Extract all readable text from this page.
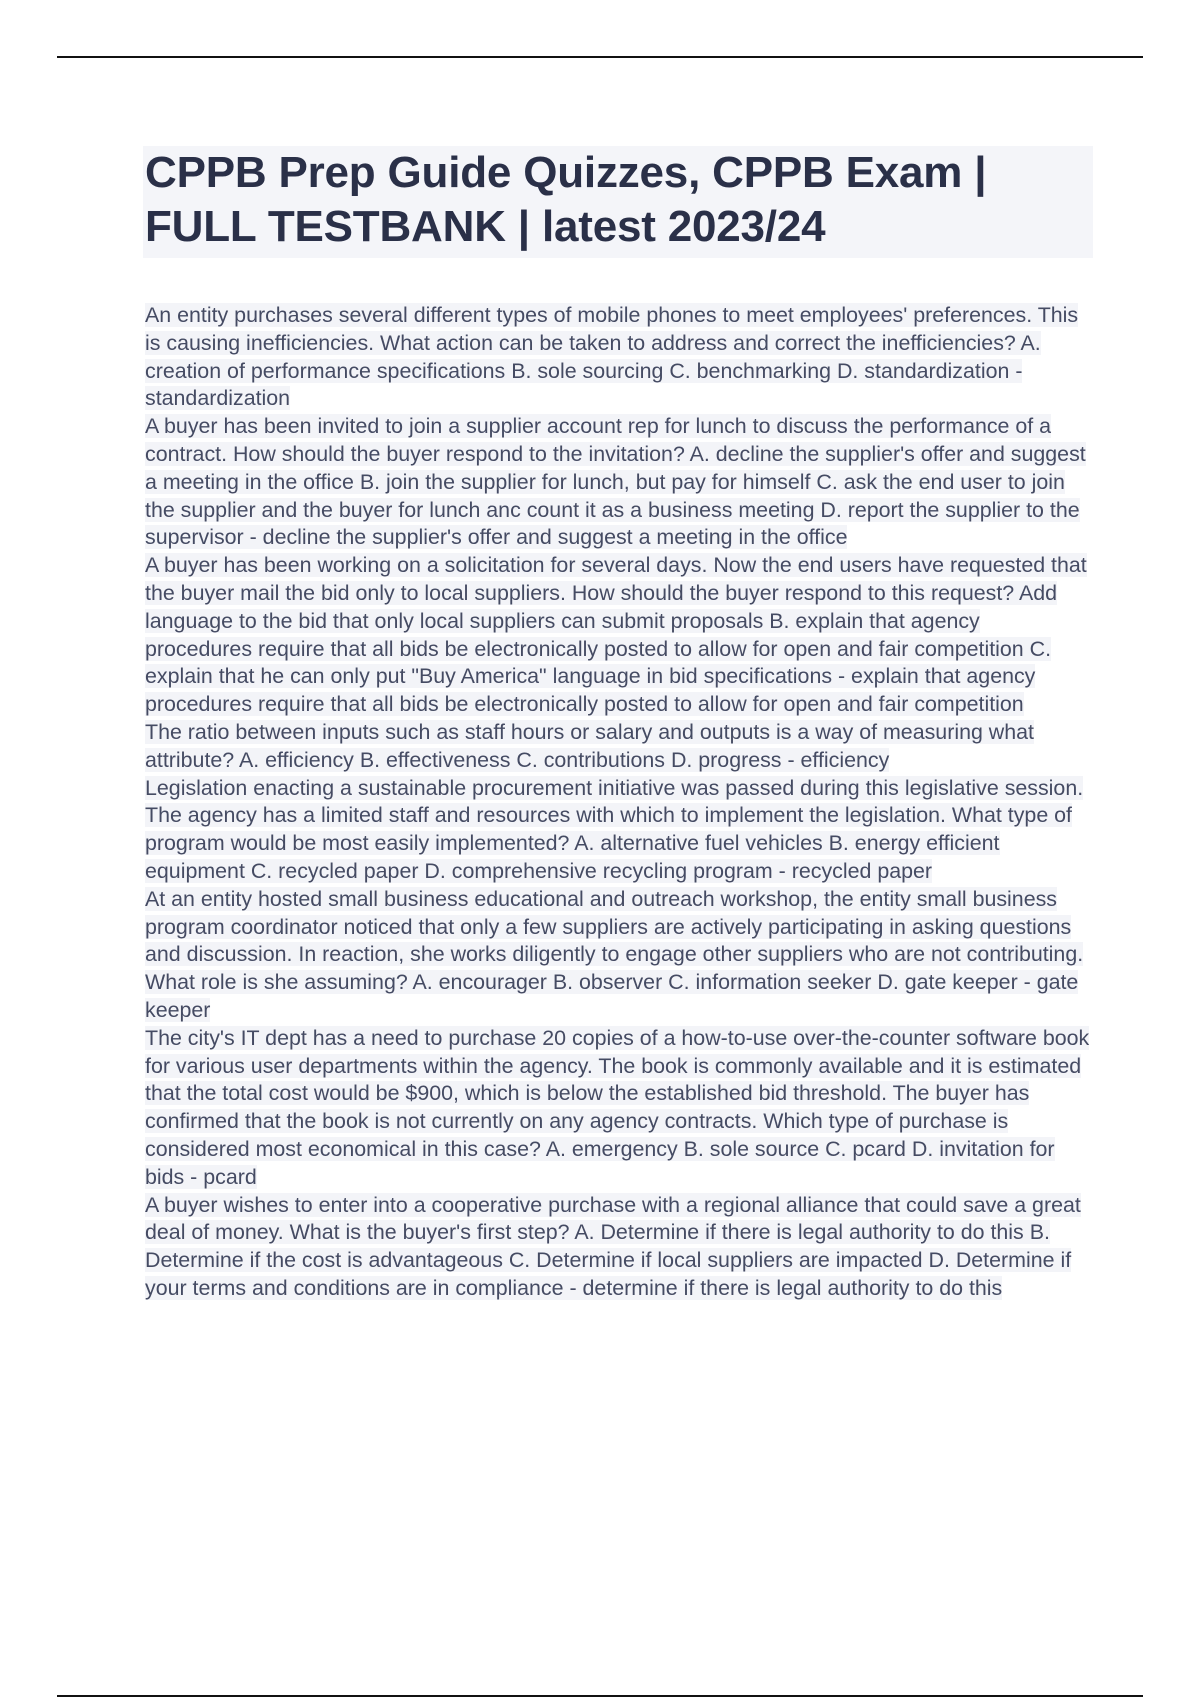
CPPB Prep Guide Quizzes, CPPB Exam |
FULL TESTBANK | latest 2023/24
An entity purchases several different types of mobile phones to meet employees' preferences. This is causing inefficiencies. What action can be taken to address and correct the inefficiencies? A. creation of performance specifications B. sole sourcing C. benchmarking D. standardization - standardization
A buyer has been invited to join a supplier account rep for lunch to discuss the performance of a contract. How should the buyer respond to the invitation? A. decline the supplier's offer and suggest a meeting in the office B. join the supplier for lunch, but pay for himself C. ask the end user to join the supplier and the buyer for lunch anc count it as a business meeting D. report the supplier to the supervisor - decline the supplier's offer and suggest a meeting in the office
A buyer has been working on a solicitation for several days. Now the end users have requested that the buyer mail the bid only to local suppliers. How should the buyer respond to this request? Add language to the bid that only local suppliers can submit proposals B. explain that agency procedures require that all bids be electronically posted to allow for open and fair competition C. explain that he can only put "Buy America" language in bid specifications - explain that agency procedures require that all bids be electronically posted to allow for open and fair competition
The ratio between inputs such as staff hours or salary and outputs is a way of measuring what attribute? A. efficiency B. effectiveness C. contributions D. progress - efficiency
Legislation enacting a sustainable procurement initiative was passed during this legislative session. The agency has a limited staff and resources with which to implement the legislation. What type of program would be most easily implemented? A. alternative fuel vehicles B. energy efficient equipment C. recycled paper D. comprehensive recycling program - recycled paper
At an entity hosted small business educational and outreach workshop, the entity small business program coordinator noticed that only a few suppliers are actively participating in asking questions and discussion. In reaction, she works diligently to engage other suppliers who are not contributing. What role is she assuming? A. encourager B. observer C. information seeker D. gate keeper - gate keeper
The city's IT dept has a need to purchase 20 copies of a how-to-use over-the-counter software book for various user departments within the agency. The book is commonly available and it is estimated that the total cost would be $900, which is below the established bid threshold. The buyer has confirmed that the book is not currently on any agency contracts. Which type of purchase is considered most economical in this case? A. emergency B. sole source C. pcard D. invitation for bids - pcard
A buyer wishes to enter into a cooperative purchase with a regional alliance that could save a great deal of money. What is the buyer's first step? A. Determine if there is legal authority to do this B. Determine if the cost is advantageous C. Determine if local suppliers are impacted D. Determine if your terms and conditions are in compliance - determine if there is legal authority to do this
